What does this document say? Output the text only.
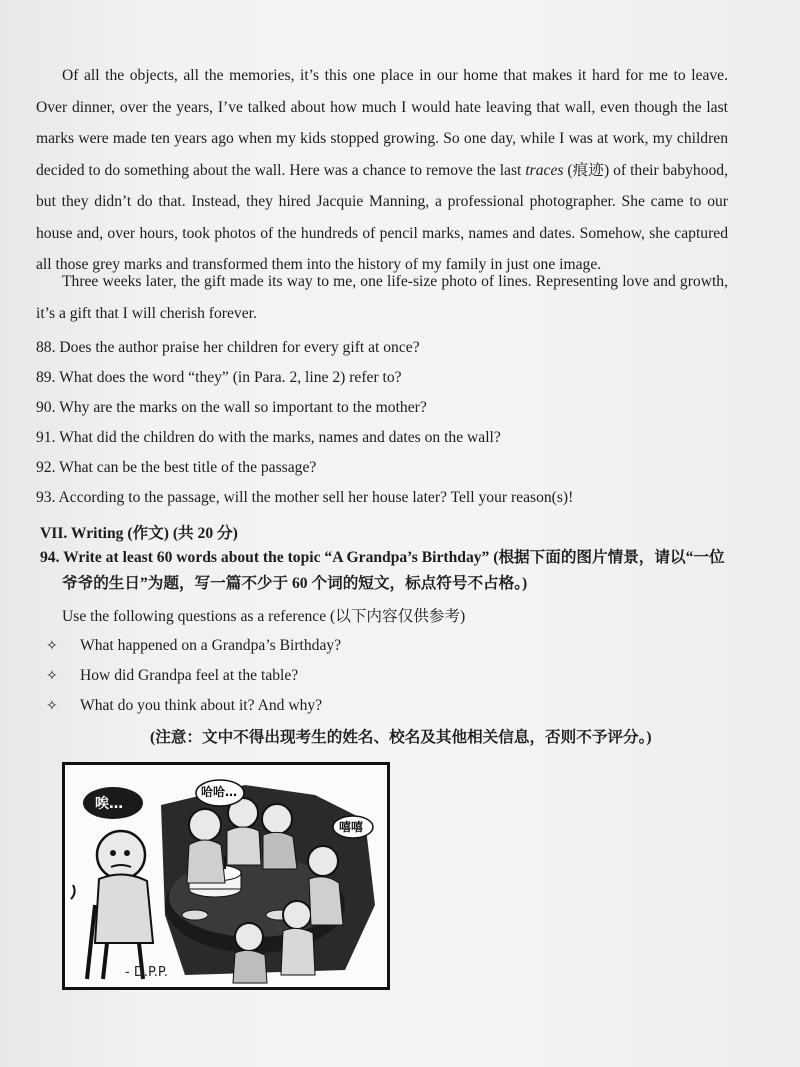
Of all the objects, all the memories, it’s this one place in our home that makes it hard for me to leave. Over dinner, over the years, I’ve talked about how much I would hate leaving that wall, even though the last marks were made ten years ago when my kids stopped growing. So one day, while I was at work, my children decided to do something about the wall. Here was a chance to remove the last traces (痕迹) of their babyhood, but they didn’t do that. Instead, they hired Jacquie Manning, a professional photographer. She came to our house and, over hours, took photos of the hundreds of pencil marks, names and dates. Somehow, she captured all those grey marks and transformed them into the history of my family in just one image.

Three weeks later, the gift made its way to me, one life-size photo of lines. Representing love and growth, it’s a gift that I will cherish forever.

88. Does the author praise her children for every gift at once?
89. What does the word “they” (in Para. 2, line 2) refer to?
90. Why are the marks on the wall so important to the mother?
91. What did the children do with the marks, names and dates on the wall?
92. What can be the best title of the passage?
93. According to the passage, will the mother sell her house later? Tell your reason(s)!
VII. Writing (作文) (共 20 分)
94. Write at least 60 words about the topic “A Grandpa’s Birthday” (根据下面的图片情景，请以“一位
爷爷的生日”为题，写一篇不少于 60 个词的短文，标点符号不占格。)
Use the following questions as a reference (以下内容仅供参考)
✧ What happened on a Grandpa’s Birthday?
✧ How did Grandpa feel at the table?
✧ What do you think about it? And why?
(注意：文中不得出现考生的姓名、校名及其他相关信息，否则不予评分。)
唉…
哈哈…
嘻嘻
- D.P.P.
